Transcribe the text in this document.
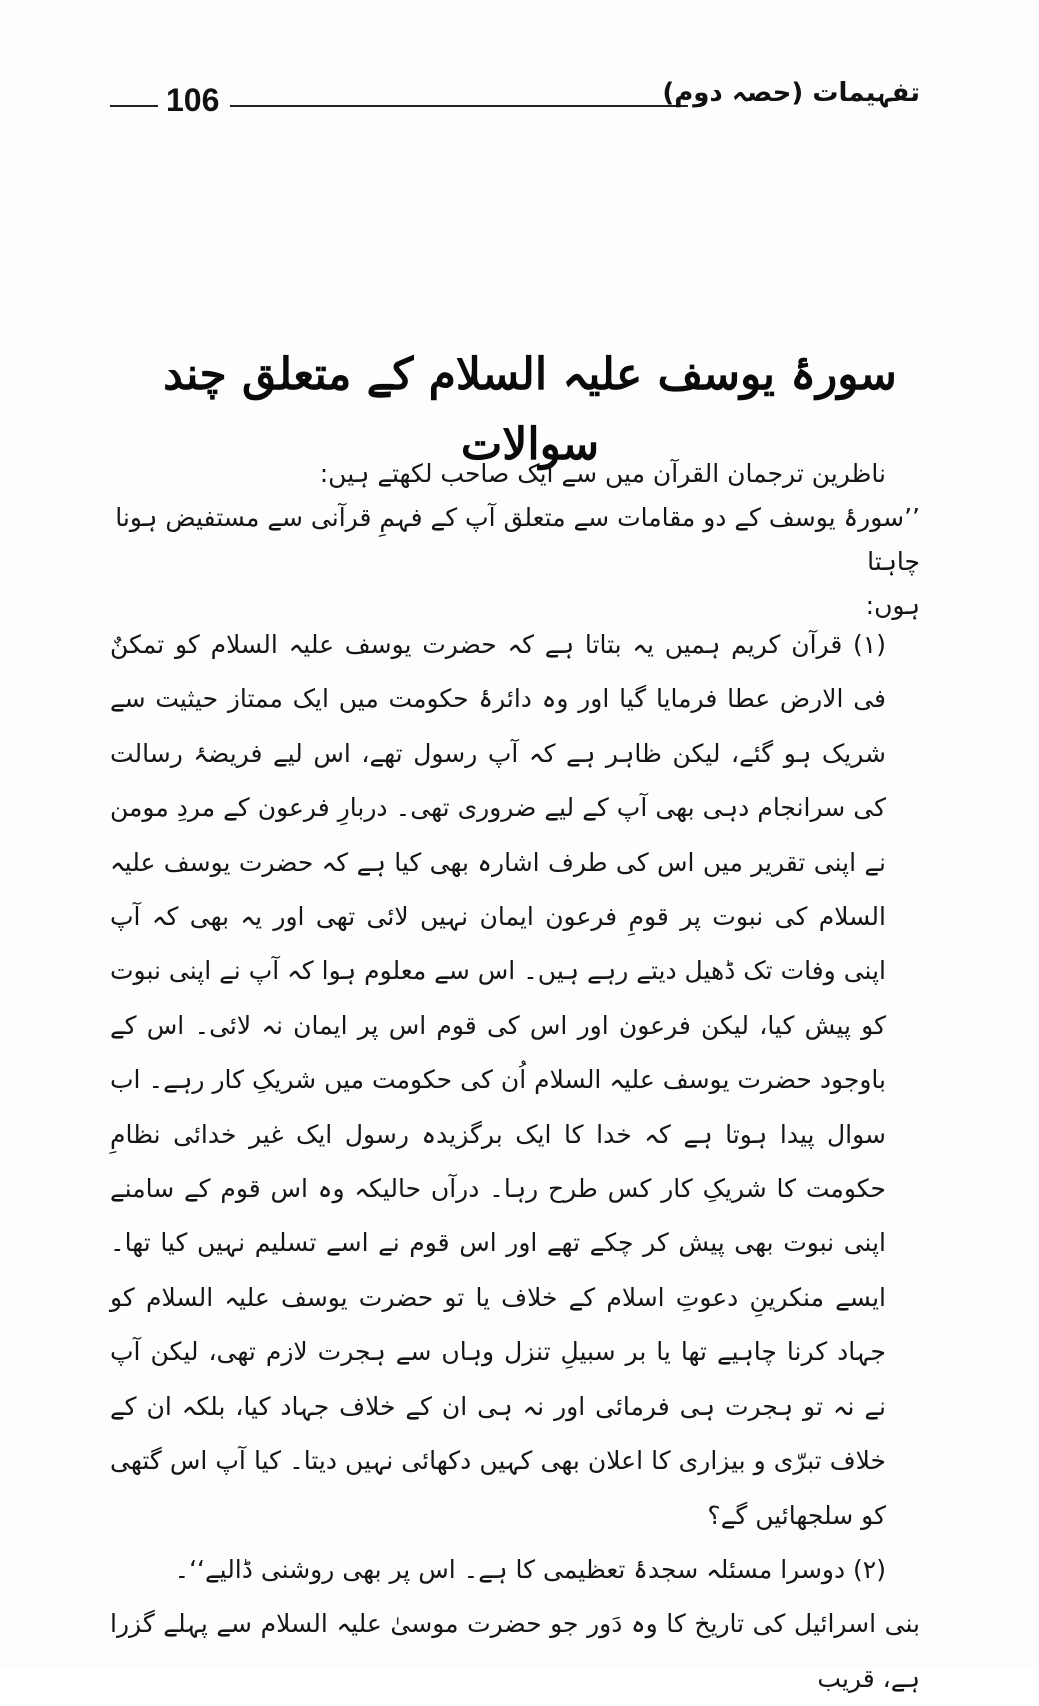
106	تفہیمات (حصہ دوم)
سورۂ یوسف علیہ السلام کے متعلق چند سوالات

ناظرین ترجمان القرآن میں سے ایک صاحب لکھتے ہیں:

’’سورۂ یوسف کے دو مقامات سے متعلق آپ کے فہمِ قرآنی سے مستفیض ہونا چاہتا

ہوں:

(۱) قرآن کریم ہمیں یہ بتاتا ہے کہ حضرت یوسف علیہ السلام کو تمکنٌ فی الارض عطا فرمایا گیا اور وہ دائرۂ حکومت میں ایک ممتاز حیثیت سے شریک ہو گئے، لیکن ظاہر ہے کہ آپ رسول تھے، اس لیے فریضۂ رسالت کی سرانجام دہی بھی آپ کے لیے ضروری تھی۔ دربارِ فرعون کے مردِ مومن نے اپنی تقریر میں اس کی طرف اشارہ بھی کیا ہے کہ حضرت یوسف علیہ السلام کی نبوت پر قومِ فرعون ایمان نہیں لائی تھی اور یہ بھی کہ آپ اپنی وفات تک ڈھیل دیتے رہے ہیں۔ اس سے معلوم ہوا کہ آپ نے اپنی نبوت کو پیش کیا، لیکن فرعون اور اس کی قوم اس پر ایمان نہ لائی۔ اس کے باوجود حضرت یوسف علیہ السلام اُن کی حکومت میں شریکِ کار رہے۔ اب سوال پیدا ہوتا ہے کہ خدا کا ایک برگزیدہ رسول ایک غیر خدائی نظامِ حکومت کا شریکِ کار کس طرح رہا۔ درآں حالیکہ وہ اس قوم کے سامنے اپنی نبوت بھی پیش کر چکے تھے اور اس قوم نے اسے تسلیم نہیں کیا تھا۔ ایسے منکرینِ دعوتِ اسلام کے خلاف یا تو حضرت یوسف علیہ السلام کو جہاد کرنا چاہیے تھا یا بر سبیلِ تنزل وہاں سے ہجرت لازم تھی، لیکن آپ نے نہ تو ہجرت ہی فرمائی اور نہ ہی ان کے خلاف جہاد کیا، بلکہ ان کے خلاف تبرّی و بیزاری کا اعلان بھی کہیں دکھائی نہیں دیتا۔ کیا آپ اس گتھی کو سلجھائیں گے؟

(۲) دوسرا مسئلہ سجدۂ تعظیمی کا ہے۔ اس پر بھی روشنی ڈالیے‘‘۔

بنی اسرائیل کی تاریخ کا وہ دَور جو حضرت موسیٰ علیہ السلام سے پہلے گزرا ہے، قریب
